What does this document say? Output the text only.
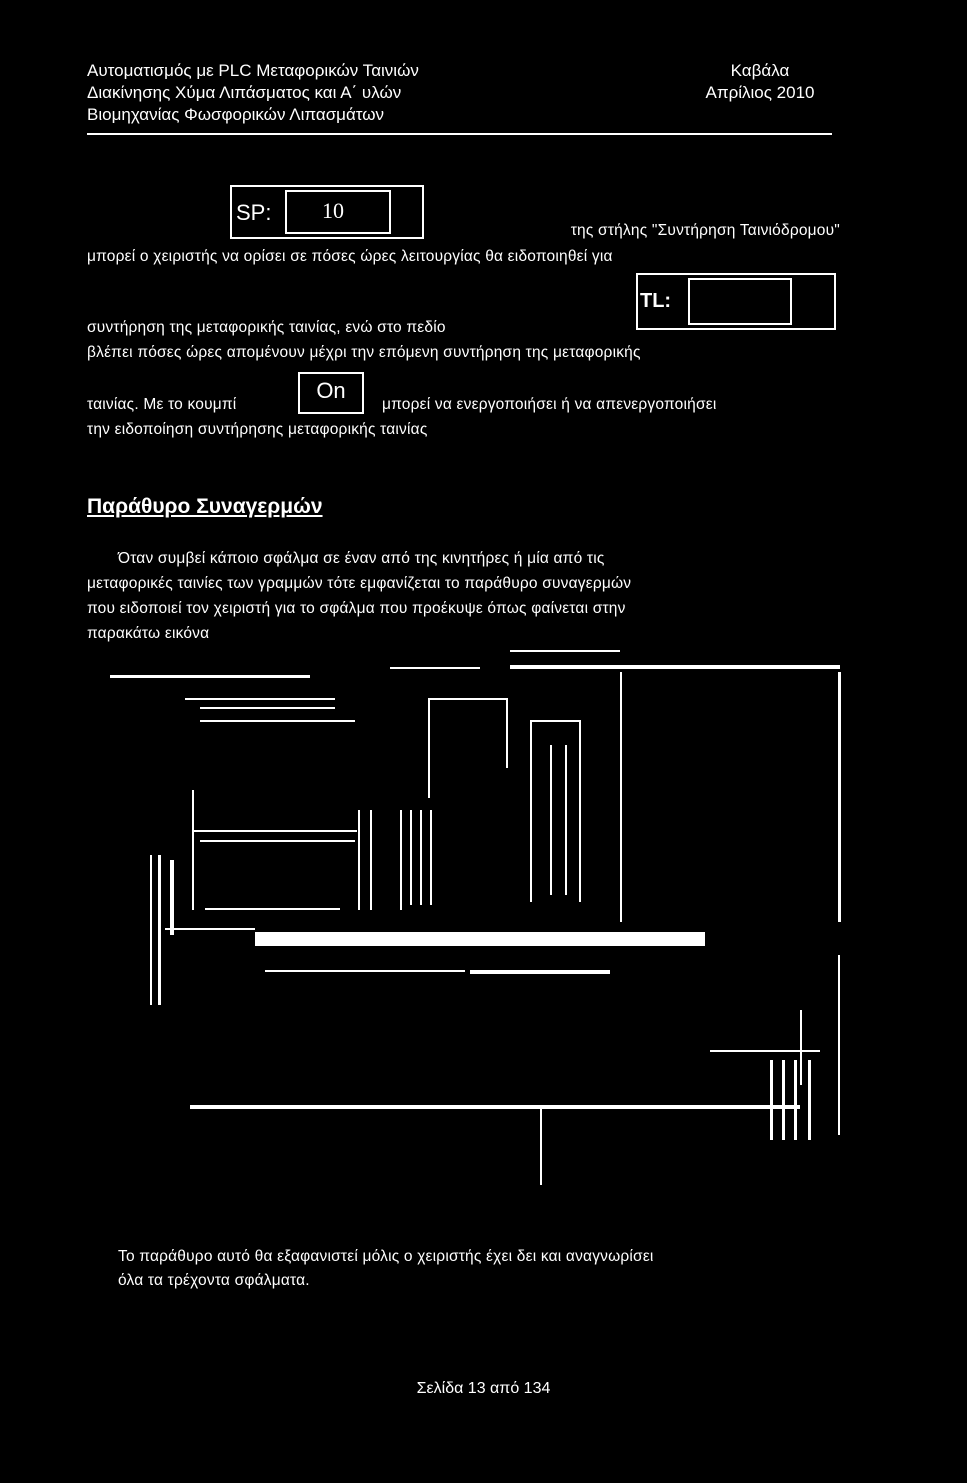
Αυτοματισμός με PLC Μεταφορικών Ταινιών
Διακίνησης Χύμα Λιπάσματος και Α΄ υλών
Βιομηχανίας Φωσφορικών Λιπασμάτων
Καβάλα
Απρίλιος 2010
SP: 10
της στήλης "Συντήρηση Ταινιόδρομου"
μπορεί ο χειριστής να ορίσει σε πόσες ώρες λειτουργίας θα ειδοποιηθεί για
ΤL:
συντήρηση της μεταφορικής ταινίας, ενώ στο πεδίο
βλέπει πόσες ώρες απομένουν μέχρι την επόμενη συντήρηση της μεταφορικής
On
ταινίας. Με το κουμπί	μπορεί να ενεργοποιήσει ή να απενεργοποιήσει
την ειδοποίηση συντήρησης μεταφορικής ταινίας
Παράθυρο Συναγερμών
Όταν συμβεί κάποιο σφάλμα σε έναν από της κινητήρες ή μία από τις
μεταφορικές ταινίες των γραμμών τότε εμφανίζεται το παράθυρο συναγερμών
που ειδοποιεί τον χειριστή για το σφάλμα που προέκυψε όπως φαίνεται στην
παρακάτω εικόνα
Το παράθυρο αυτό θα εξαφανιστεί μόλις ο χειριστής έχει δει και αναγνωρίσει
όλα τα τρέχοντα σφάλματα.
Σελίδα 13 από 134
